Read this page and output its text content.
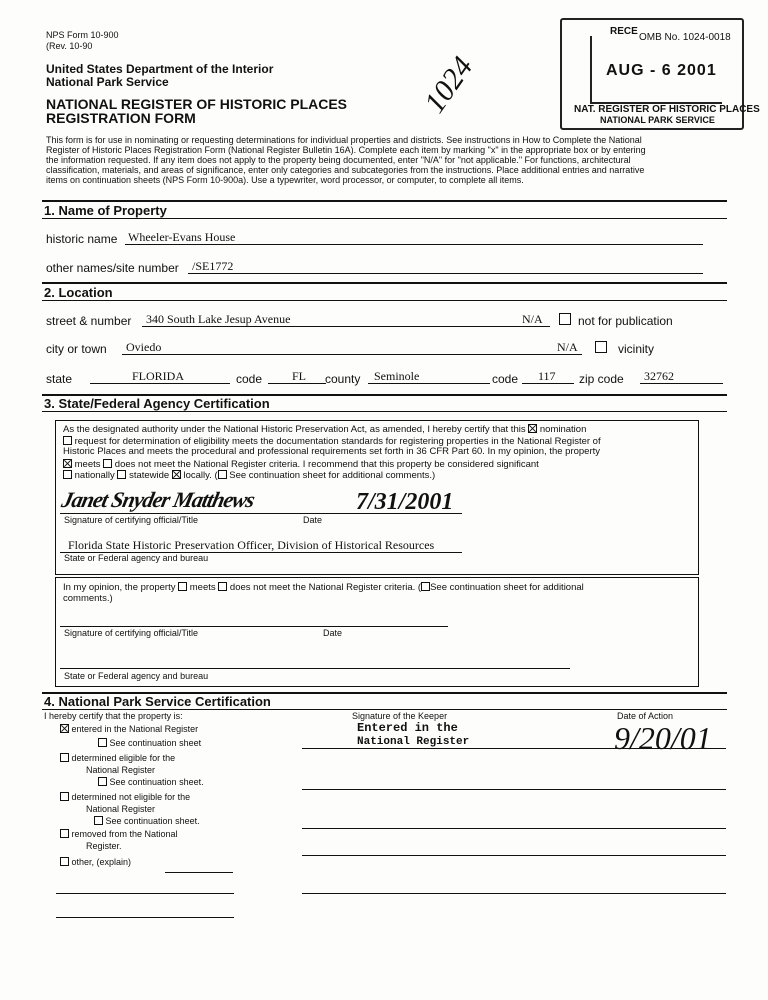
NPS Form 10-900
(Rev. 10-90
United States Department of the Interior
National Park Service
NATIONAL REGISTER OF HISTORIC PLACES
REGISTRATION FORM
This form is for use in nominating or requesting determinations for individual properties and districts. See instructions in How to Complete the National
Register of Historic Places Registration Form (National Register Bulletin 16A). Complete each item by marking "x" in the appropriate box or by entering
the information requested. If any item does not apply to the property being documented, enter "N/A" for "not applicable." For functions, architectural
classification, materials, and areas of significance, enter only categories and subcategories from the instructions. Place additional entries and narrative
items on continuation sheets (NPS Form 10-900a). Use a typewriter, word processor, or computer, to complete all items.
1024
RECE
OMB No. 1024-0018
AUG - 6 2001
NAT. REGISTER OF HISTORIC PLACES
NATIONAL PARK SERVICE
1. Name of Property
historic name Wheeler-Evans House
other names/site number /SE1772
2. Location
street & number 340 South Lake Jesup Avenue	N/A	not for publication
city or town Oviedo	N/A	vicinity
state	FLORIDA	code FL county Seminole	code 117 zip code 32762
3. State/Federal Agency Certification
As the designated authority under the National Historic Preservation Act, as amended, I hereby certify that this nomination
request for determination of eligibility meets the documentation standards for registering properties in the National Register of
Historic Places and meets the procedural and professional requirements set forth in 36 CFR Part 60. In my opinion, the property
meets does not meet the National Register criteria. I recommend that this property be considered significant
nationally statewide locally. ( See continuation sheet for additional comments.)
Janet Snyder Matthews	7/31/2001
Signature of certifying official/Title	Date
Florida State Historic Preservation Officer, Division of Historical Resources
State or Federal agency and bureau
In my opinion, the property meets does not meet the National Register criteria. ( See continuation sheet for additional
comments.)
Signature of certifying official/Title	Date
State or Federal agency and bureau
4. National Park Service Certification
I hereby certify that the property is:	Signature of the Keeper	Date of Action
entered in the National Register
See continuation sheet
determined eligible for the
National Register
See continuation sheet.
determined not eligible for the
National Register
See continuation sheet.
removed from the National
Register.
other, (explain)
Entered in the
National Register	9/20/01
